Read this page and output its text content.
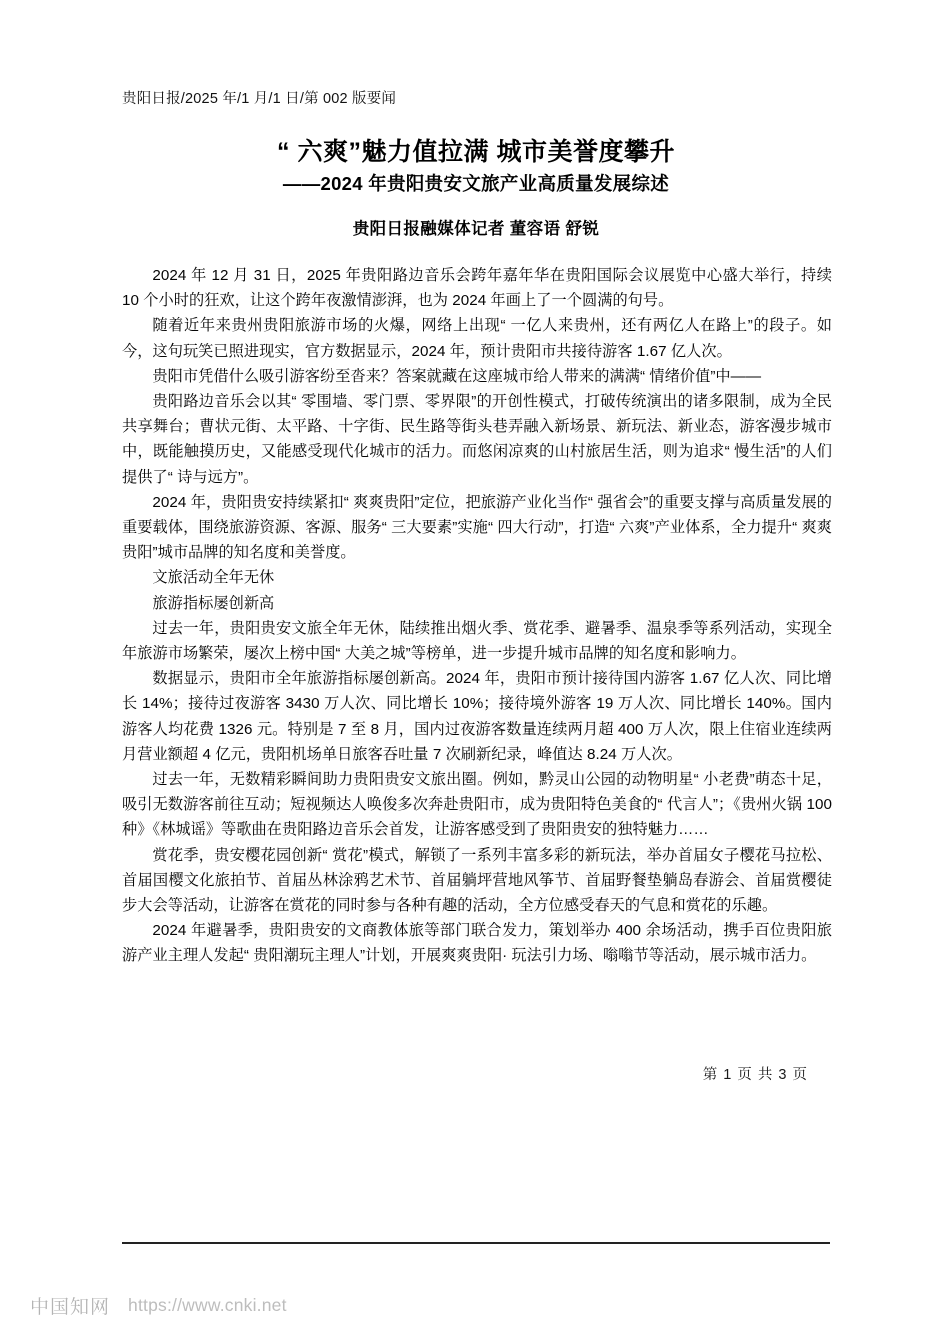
贵阳日报/2025 年/1 月/1 日/第 002 版要闻
“ 六爽”魅力值拉满 城市美誉度攀升
——2024 年贵阳贵安文旅产业高质量发展综述
贵阳日报融媒体记者 董容语 舒锐

2024 年 12 月 31 日，2025 年贵阳路边音乐会跨年嘉年华在贵阳国际会议展览中心盛大举行，持续 10 个小时的狂欢，让这个跨年夜激情澎湃，也为 2024 年画上了一个圆满的句号。

随着近年来贵州贵阳旅游市场的火爆，网络上出现“ 一亿人来贵州，还有两亿人在路上”的段子。如今，这句玩笑已照进现实，官方数据显示，2024 年，预计贵阳市共接待游客 1.67 亿人次。

贵阳市凭借什么吸引游客纷至沓来？答案就藏在这座城市给人带来的满满“ 情绪价值”中——

贵阳路边音乐会以其“ 零围墙、零门票、零界限”的开创性模式，打破传统演出的诸多限制，成为全民共享舞台；曹状元街、太平路、十字街、民生路等街头巷弄融入新场景、新玩法、新业态，游客漫步城市中，既能触摸历史，又能感受现代化城市的活力。而悠闲凉爽的山村旅居生活，则为追求“ 慢生活”的人们提供了“ 诗与远方”。

2024 年，贵阳贵安持续紧扣“ 爽爽贵阳”定位，把旅游产业化当作“ 强省会”的重要支撑与高质量发展的重要载体，围绕旅游资源、客源、服务“ 三大要素”实施“ 四大行动”，打造“ 六爽”产业体系，全力提升“ 爽爽贵阳”城市品牌的知名度和美誉度。

文旅活动全年无休

旅游指标屡创新高

过去一年，贵阳贵安文旅全年无休，陆续推出烟火季、赏花季、避暑季、温泉季等系列活动，实现全年旅游市场繁荣，屡次上榜中国“ 大美之城”等榜单，进一步提升城市品牌的知名度和影响力。

数据显示，贵阳市全年旅游指标屡创新高。2024 年，贵阳市预计接待国内游客 1.67 亿人次、同比增长 14%；接待过夜游客 3430 万人次、同比增长 10%；接待境外游客 19 万人次、同比增长 140%。国内游客人均花费 1326 元。特别是 7 至 8 月，国内过夜游客数量连续两月超 400 万人次，限上住宿业连续两月营业额超 4 亿元，贵阳机场单日旅客吞吐量 7 次刷新纪录，峰值达 8.24 万人次。

过去一年，无数精彩瞬间助力贵阳贵安文旅出圈。例如，黔灵山公园的动物明星“ 小老费”萌态十足，吸引无数游客前往互动；短视频达人唤俊多次奔赴贵阳市，成为贵阳特色美食的“ 代言人”；《贵州火锅 100 种》《林城谣》等歌曲在贵阳路边音乐会首发，让游客感受到了贵阳贵安的独特魅力……

赏花季，贵安樱花园创新“ 赏花”模式，解锁了一系列丰富多彩的新玩法，举办首届女子樱花马拉松、首届国樱文化旅拍节、首届丛林涂鸦艺术节、首届躺坪营地风筝节、首届野餐垫躺岛春游会、首届赏樱徒步大会等活动，让游客在赏花的同时参与各种有趣的活动，全方位感受春天的气息和赏花的乐趣。

2024 年避暑季，贵阳贵安的文商教体旅等部门联合发力，策划举办 400 余场活动，携手百位贵阳旅游产业主理人发起“ 贵阳潮玩主理人”计划，开展爽爽贵阳· 玩法引力场、嗡嗡节等活动，展示城市活力。

第 1 页 共 3 页
中国知网 https://www.cnki.net
